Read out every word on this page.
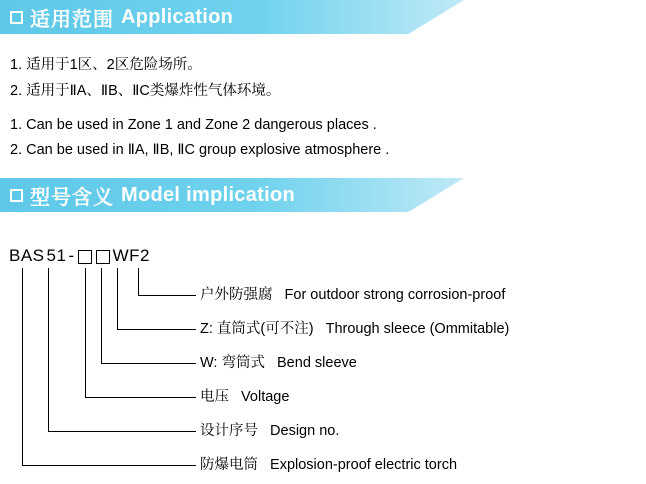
适用范围 Application
1. 适用于1区、2区危险场所。
2. 适用于ⅡA、ⅡB、ⅡC类爆炸性气体环境。
1. Can be used in Zone 1 and Zone 2 dangerous places .
2. Can be used in ⅡA, ⅡB, ⅡC group explosive atmosphere .
型号含义 Model implication
BAS 51 - WF2
户外防强腐 For outdoor strong corrosion-proof
Z: 直筒式(可不注) Through sleece (Ommitable)
W: 弯筒式 Bend sleeve
电压 Voltage
设计序号 Design no.
防爆电筒 Explosion-proof electric torch
